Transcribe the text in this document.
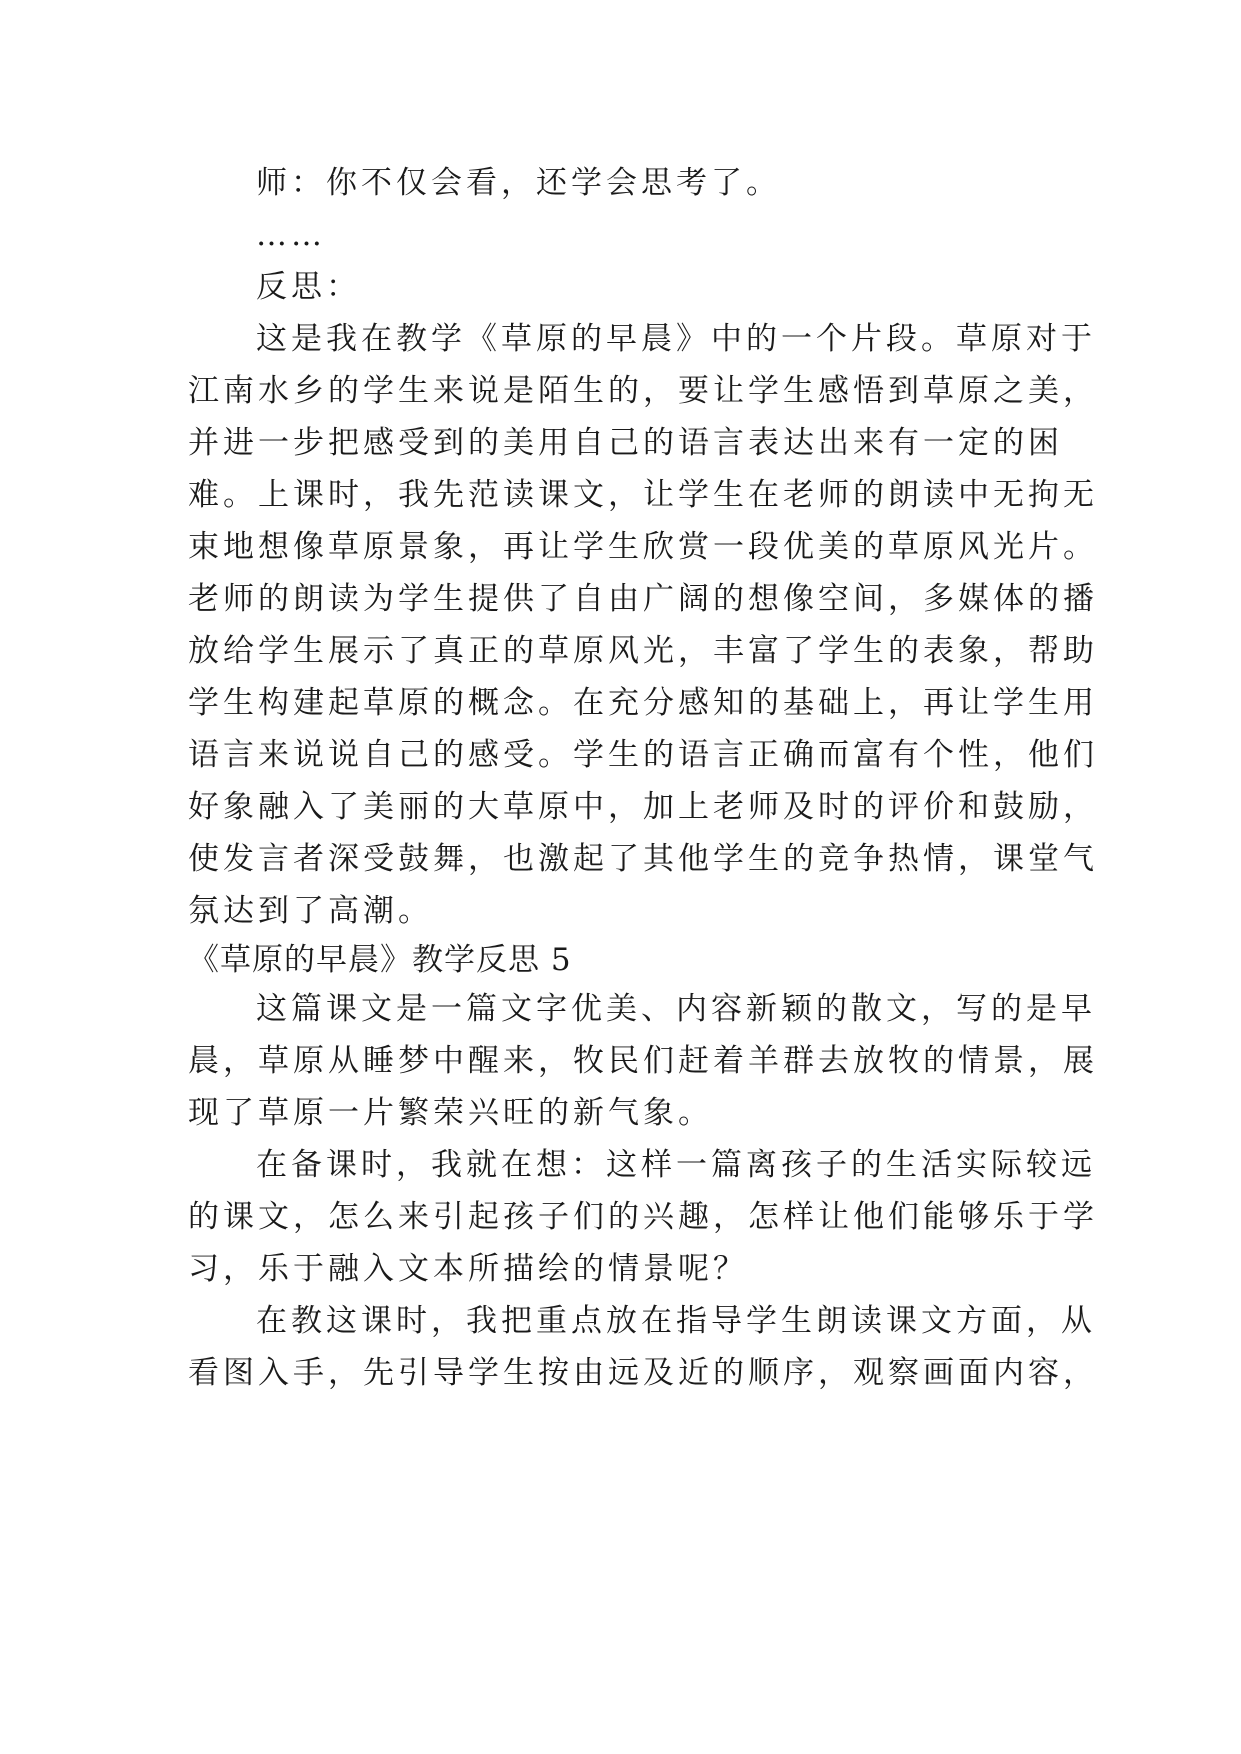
师：你不仅会看，还学会思考了。
……
反思：
这是我在教学《草原的早晨》中的一个片段。草原对于
江南水乡的学生来说是陌生的，要让学生感悟到草原之美，
并进一步把感受到的美用自己的语言表达出来有一定的困
难。上课时，我先范读课文，让学生在老师的朗读中无拘无
束地想像草原景象，再让学生欣赏一段优美的草原风光片。
老师的朗读为学生提供了自由广阔的想像空间，多媒体的播
放给学生展示了真正的草原风光，丰富了学生的表象，帮助
学生构建起草原的概念。在充分感知的基础上，再让学生用
语言来说说自己的感受。学生的语言正确而富有个性，他们
好象融入了美丽的大草原中，加上老师及时的评价和鼓励，
使发言者深受鼓舞，也激起了其他学生的竞争热情，课堂气
氛达到了高潮。
《草原的早晨》教学反思 5
这篇课文是一篇文字优美、内容新颖的散文，写的是早
晨，草原从睡梦中醒来，牧民们赶着羊群去放牧的情景，展
现了草原一片繁荣兴旺的新气象。
在备课时，我就在想：这样一篇离孩子的生活实际较远
的课文，怎么来引起孩子们的兴趣，怎样让他们能够乐于学
习，乐于融入文本所描绘的情景呢？
在教这课时，我把重点放在指导学生朗读课文方面，从
看图入手，先引导学生按由远及近的顺序，观察画面内容，
